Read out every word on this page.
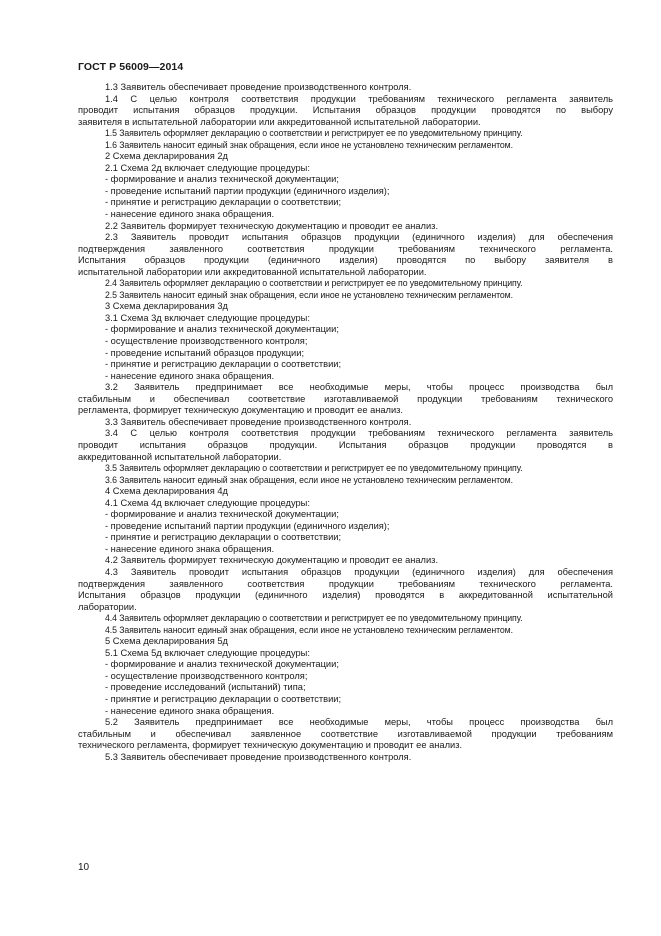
ГОСТ Р 56009—2014
1.3 Заявитель обеспечивает проведение производственного контроля.
1.4 С целью контроля соответствия продукции требованиям технического регламента заявитель
проводит испытания образцов продукции. Испытания образцов продукции проводятся по выбору
заявителя в испытательной лаборатории или аккредитованной испытательной лаборатории.
1.5 Заявитель оформляет декларацию о соответствии и регистрирует ее по уведомительному принципу.
1.6 Заявитель наносит единый знак обращения, если иное не установлено техническим регламентом.
2 Схема декларирования 2д
2.1 Схема 2д включает следующие процедуры:
- формирование и анализ технической документации;
- проведение испытаний партии продукции (единичного изделия);
- принятие и регистрацию декларации о соответствии;
- нанесение единого знака обращения.
2.2 Заявитель формирует техническую документацию и проводит ее анализ.
2.3 Заявитель проводит испытания образцов продукции (единичного изделия) для обеспечения
подтверждения заявленного соответствия продукции требованиям технического регламента.
Испытания образцов продукции (единичного изделия) проводятся по выбору заявителя в
испытательной лаборатории или аккредитованной испытательной лаборатории.
2.4 Заявитель оформляет декларацию о соответствии и регистрирует ее по уведомительному принципу.
2.5 Заявитель наносит единый знак обращения, если иное не установлено техническим регламентом.
3 Схема декларирования 3д
3.1 Схема 3д включает следующие процедуры:
- формирование и анализ технической документации;
- осуществление производственного контроля;
- проведение испытаний образцов продукции;
- принятие и регистрацию декларации о соответствии;
- нанесение единого знака обращения.
3.2 Заявитель предпринимает все необходимые меры, чтобы процесс производства был
стабильным и обеспечивал соответствие изготавливаемой продукции требованиям технического
регламента, формирует техническую документацию и проводит ее анализ.
3.3 Заявитель обеспечивает проведение производственного контроля.
3.4 С целью контроля соответствия продукции требованиям технического регламента заявитель
проводит испытания образцов продукции. Испытания образцов продукции проводятся в
аккредитованной испытательной лаборатории.
3.5 Заявитель оформляет декларацию о соответствии и регистрирует ее по уведомительному принципу.
3.6 Заявитель наносит единый знак обращения, если иное не установлено техническим регламентом.
4 Схема декларирования 4д
4.1 Схема 4д включает следующие процедуры:
- формирование и анализ технической документации;
- проведение испытаний партии продукции (единичного изделия);
- принятие и регистрацию декларации о соответствии;
- нанесение единого знака обращения.
4.2 Заявитель формирует техническую документацию и проводит ее анализ.
4.3 Заявитель проводит испытания образцов продукции (единичного изделия) для обеспечения
подтверждения заявленного соответствия продукции требованиям технического регламента.
Испытания образцов продукции (единичного изделия) проводятся в аккредитованной испытательной
лаборатории.
4.4 Заявитель оформляет декларацию о соответствии и регистрирует ее по уведомительному принципу.
4.5 Заявитель наносит единый знак обращения, если иное не установлено техническим регламентом.
5 Схема декларирования 5д
5.1 Схема 5д включает следующие процедуры:
- формирование и анализ технической документации;
- осуществление производственного контроля;
- проведение исследований (испытаний) типа;
- принятие и регистрацию декларации о соответствии;
- нанесение единого знака обращения.
5.2 Заявитель предпринимает все необходимые меры, чтобы процесс производства был
стабильным и обеспечивал заявленное соответствие изготавливаемой продукции требованиям
технического регламента, формирует техническую документацию и проводит ее анализ.
5.3 Заявитель обеспечивает проведение производственного контроля.
10
